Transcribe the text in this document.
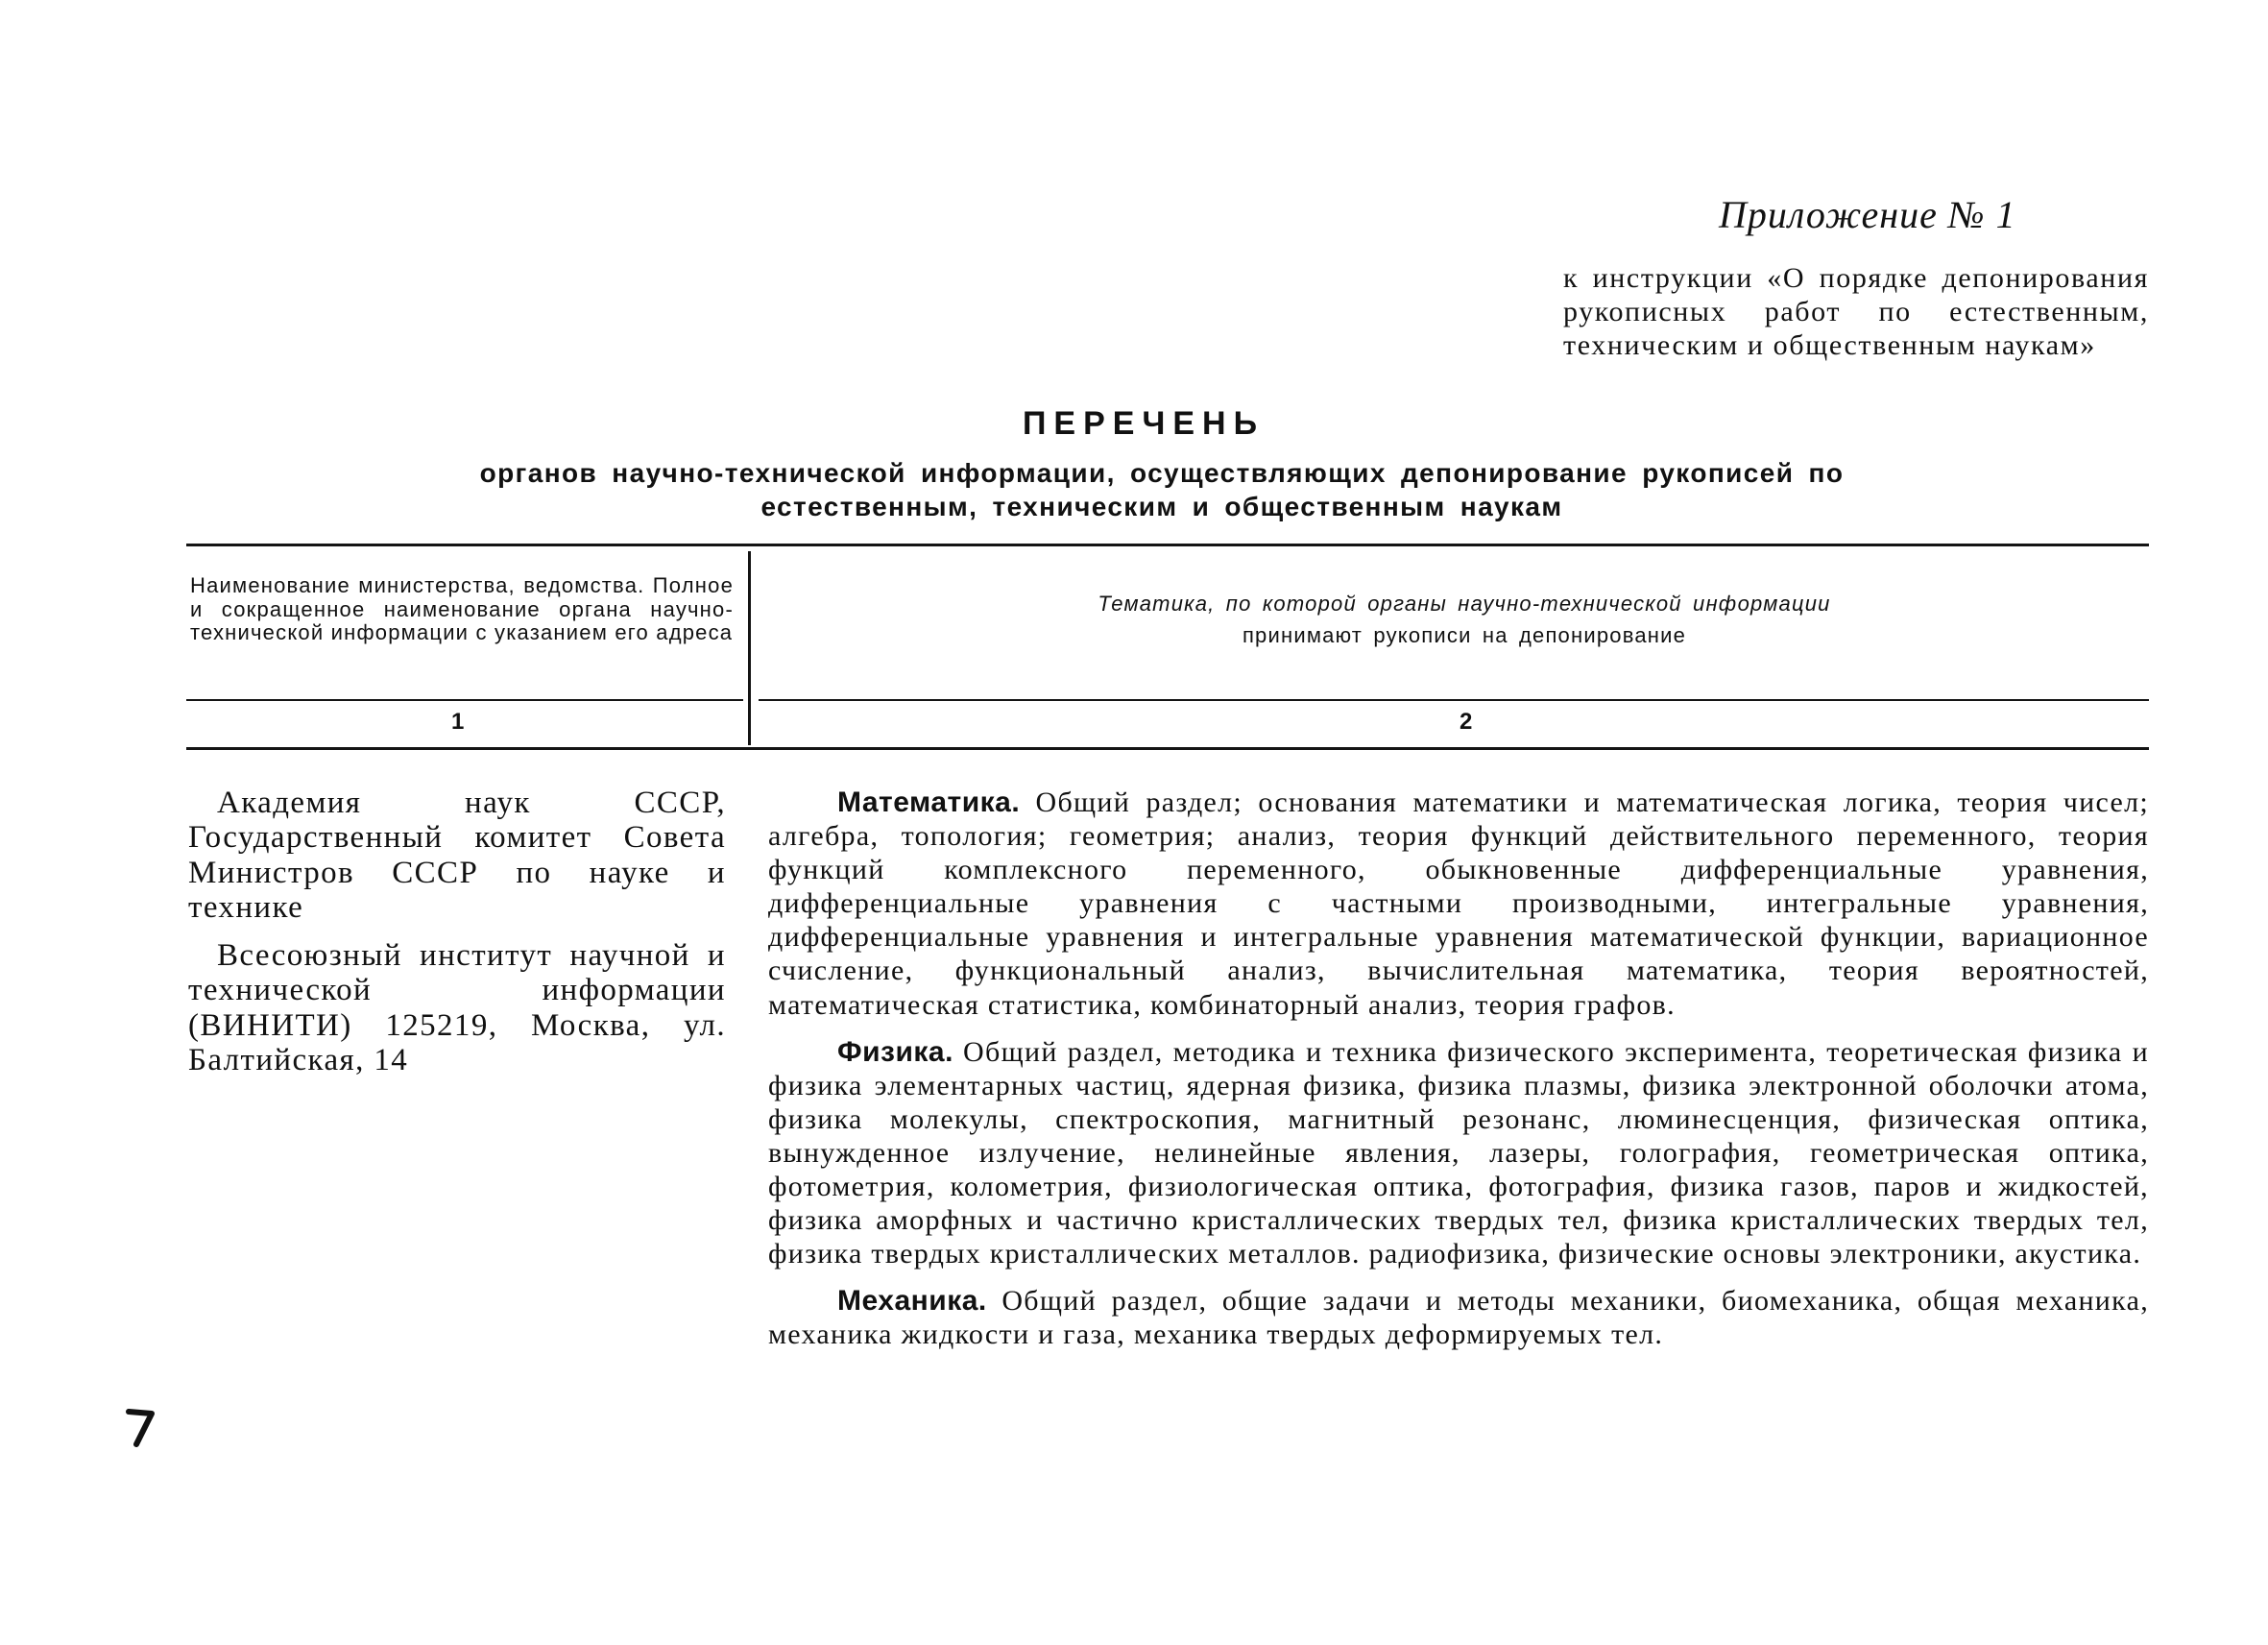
Приложение № 1

к инструкции «О порядке депонирования рукописных работ по естественным, техническим и общественным наукам»

ПЕРЕЧЕНЬ

органов научно-технической информации, осуществляющих депонирование рукописей по естественным, техническим и общественным наукам

Наименование министерства, ведомства. Полное и сокращенное наименование органа научно-технической информации с указанием его адреса

Тематика, по которой органы научно-технической информации
принимают рукописи на депонирование

1	2

Академия наук СССР, Государственный комитет Совета Министров СССР по науке и технике

Всесоюзный институт научной и технической информации (ВИНИТИ) 125219, Москва, ул. Балтийская, 14

Математика. Общий раздел; основания математики и математическая логика, теория чисел; алгебра, топология; геометрия; анализ, теория функций действительного переменного, теория функций комплексного переменного, обыкновенные дифференциальные уравнения, дифференциальные уравнения с частными производными, интегральные уравнения, дифференциальные уравнения и интегральные уравнения математической функции, вариационное счисление, функциональный анализ, вычислительная математика, теория вероятностей, математическая статистика, комбинаторный анализ, теория графов.

Физика. Общий раздел, методика и техника физического эксперимента, теоретическая физика и физика элементарных частиц, ядерная физика, физика плазмы, физика электронной оболочки атома, физика молекулы, спектроскопия, магнитный резонанс, люминесценция, физическая оптика, вынужденное излучение, нелинейные явления, лазеры, голография, геометрическая оптика, фотометрия, колометрия, физиологическая оптика, фотография, физика газов, паров и жидкостей, физика аморфных и частично кристаллических твердых тел, физика кристаллических твердых тел, физика твердых кристаллических металлов. радиофизика, физические основы электроники, акустика.

Механика. Общий раздел, общие задачи и методы механики, биомеханика, общая механика, механика жидкости и газа, механика твердых деформируемых тел.
